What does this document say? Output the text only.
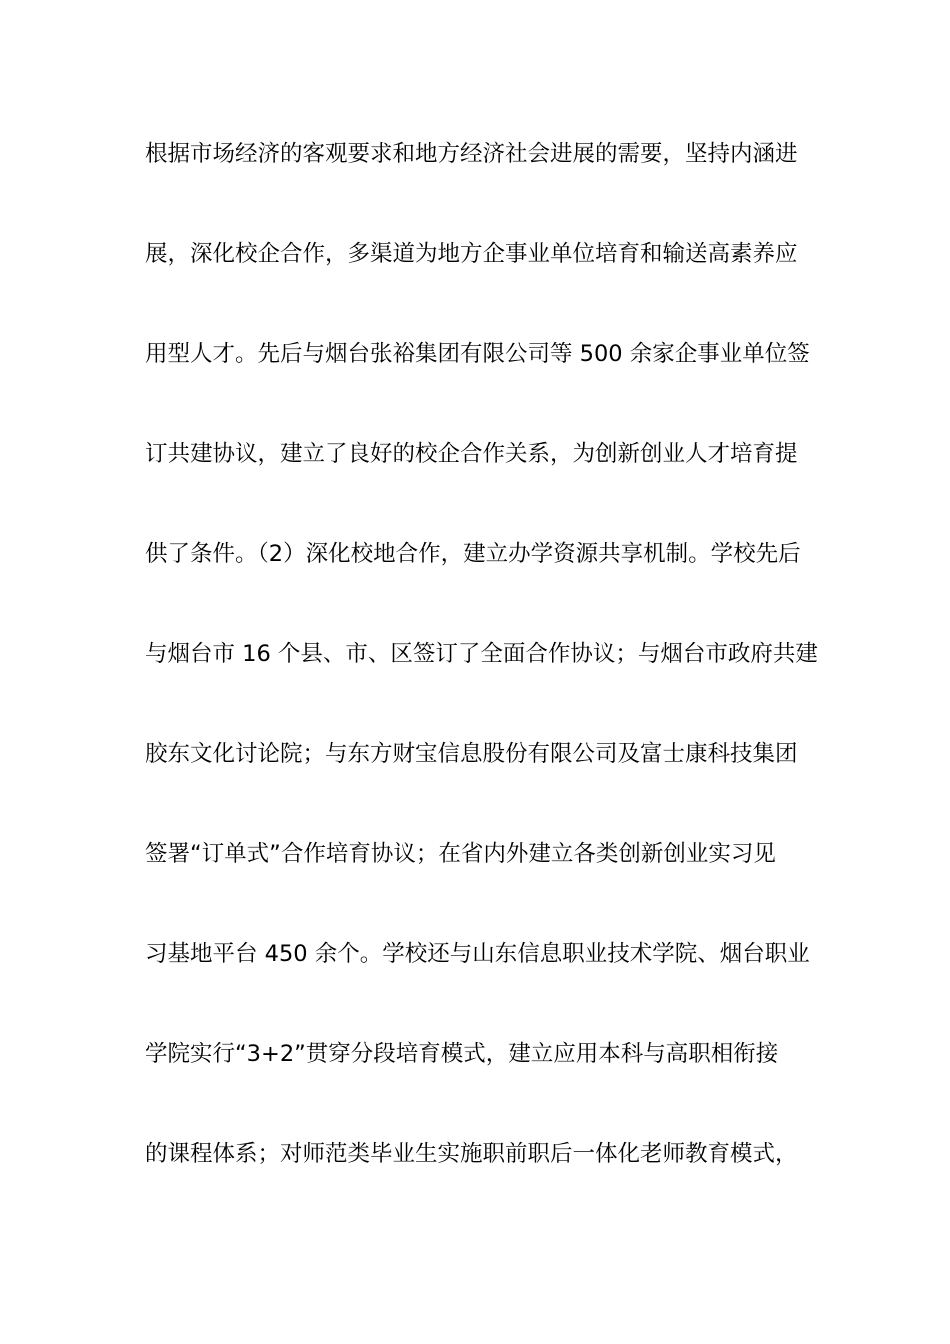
根据市场经济的客观要求和地方经济社会进展的需要，坚持内涵进
展，深化校企合作，多渠道为地方企事业单位培育和输送高素养应
用型人才。先后与烟台张裕集团有限公司等 500 余家企事业单位签
订共建协议，建立了良好的校企合作关系，为创新创业人才培育提
供了条件。（2）深化校地合作，建立办学资源共享机制。学校先后
与烟台市 16 个县、市、区签订了全面合作协议；与烟台市政府共建
胶东文化讨论院；与东方财宝信息股份有限公司及富士康科技集团
签署“订单式”合作培育协议；在省内外建立各类创新创业实习见
习基地平台 450 余个。学校还与山东信息职业技术学院、烟台职业
学院实行“3+2”贯穿分段培育模式，建立应用本科与高职相衔接
的课程体系；对师范类毕业生实施职前职后一体化老师教育模式，
